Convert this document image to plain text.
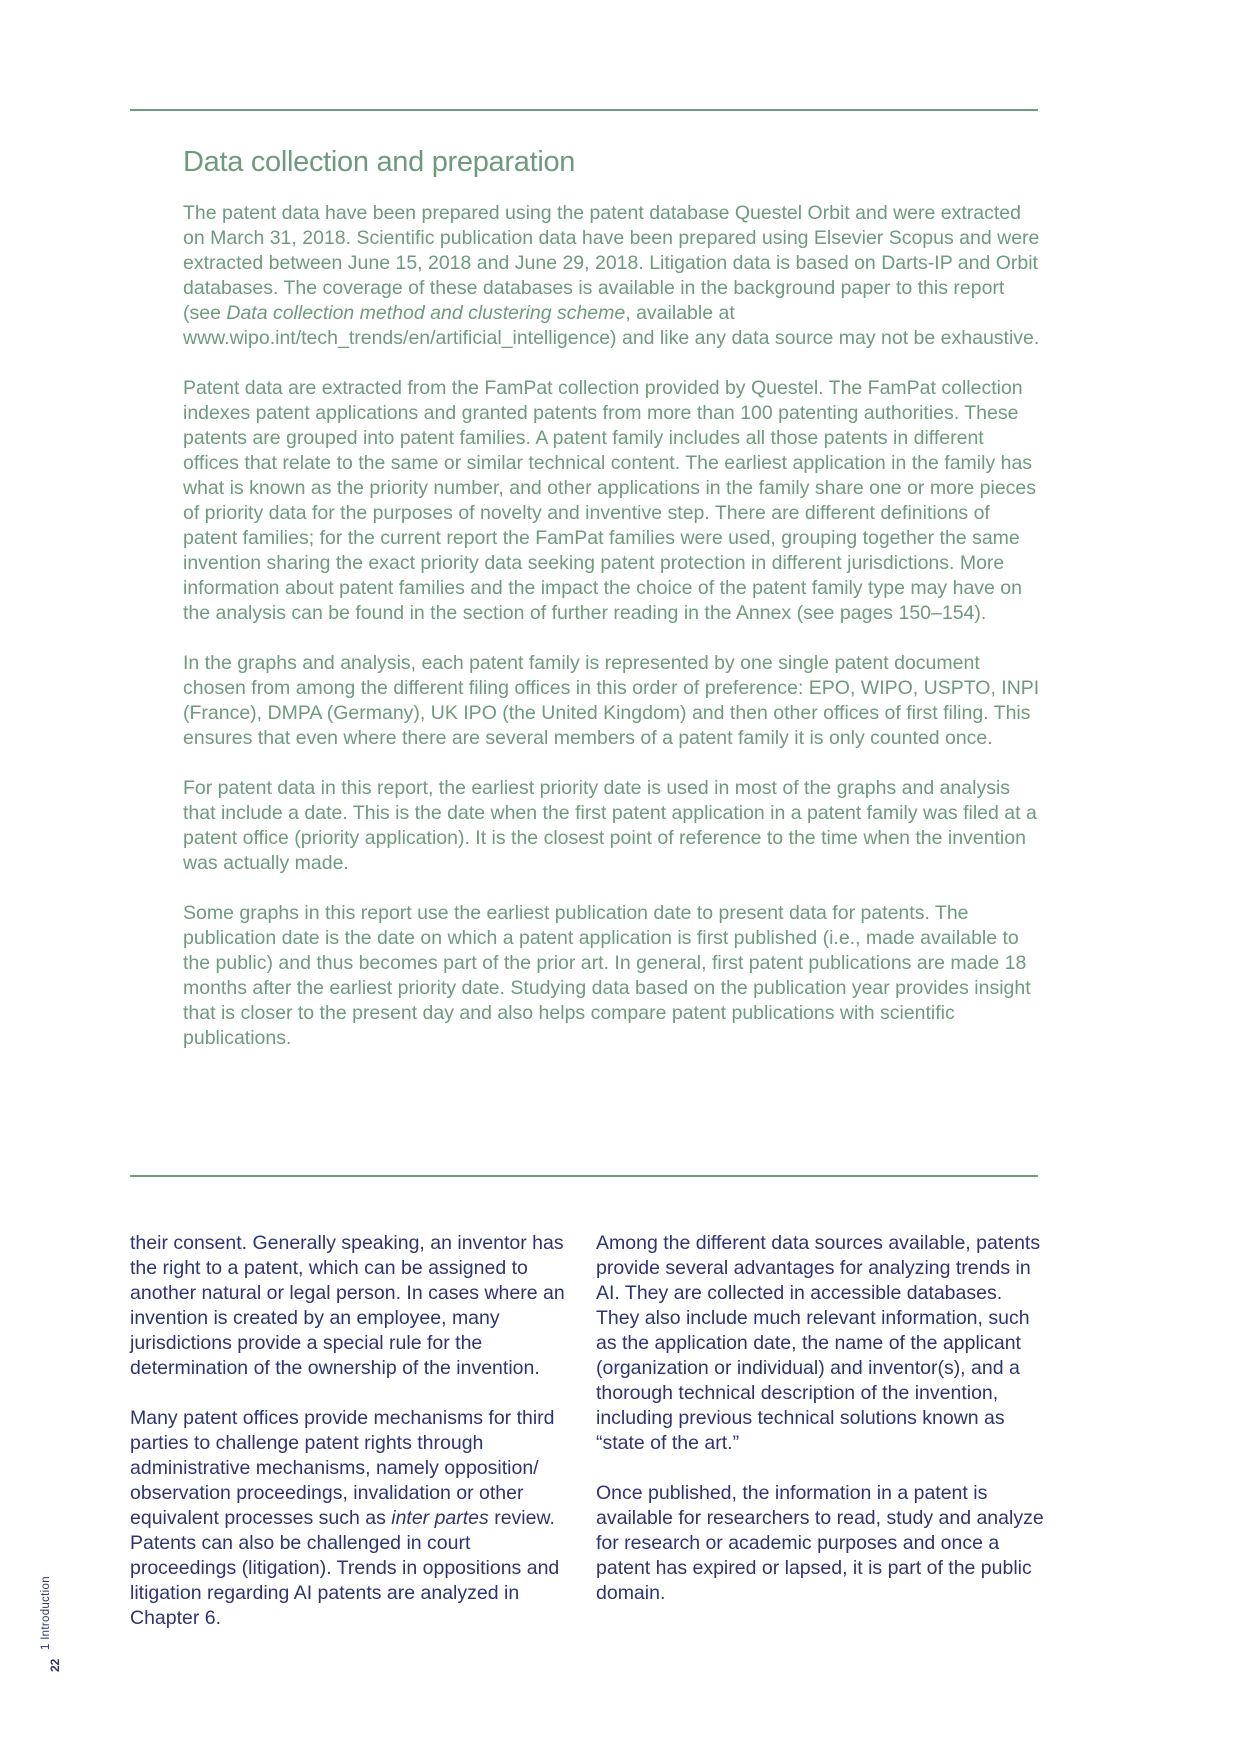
Data collection and preparation

The patent data have been prepared using the patent database Questel Orbit and were extracted on March 31, 2018. Scientific publication data have been prepared using Elsevier Scopus and were extracted between June 15, 2018 and June 29, 2018. Litigation data is based on Darts-IP and Orbit databases. The coverage of these databases is available in the background paper to this report (see Data collection method and clustering scheme, available at www.wipo.int/tech_trends/en/artificial_intelligence) and like any data source may not be exhaustive.

Patent data are extracted from the FamPat collection provided by Questel. The FamPat collection indexes patent applications and granted patents from more than 100 patenting authorities. These patents are grouped into patent families. A patent family includes all those patents in different offices that relate to the same or similar technical content. The earliest application in the family has what is known as the priority number, and other applications in the family share one or more pieces of priority data for the purposes of novelty and inventive step. There are different definitions of patent families; for the current report the FamPat families were used, grouping together the same invention sharing the exact priority data seeking patent protection in different jurisdictions. More information about patent families and the impact the choice of the patent family type may have on the analysis can be found in the section of further reading in the Annex (see pages 150–154).

In the graphs and analysis, each patent family is represented by one single patent document chosen from among the different filing offices in this order of preference: EPO, WIPO, USPTO, INPI (France), DMPA (Germany), UK IPO (the United Kingdom) and then other offices of first filing. This ensures that even where there are several members of a patent family it is only counted once.

For patent data in this report, the earliest priority date is used in most of the graphs and analysis that include a date. This is the date when the first patent application in a patent family was filed at a patent office (priority application). It is the closest point of reference to the time when the invention was actually made.

Some graphs in this report use the earliest publication date to present data for patents. The publication date is the date on which a patent application is first published (i.e., made available to the public) and thus becomes part of the prior art. In general, first patent publications are made 18 months after the earliest priority date. Studying data based on the publication year provides insight that is closer to the present day and also helps compare patent publications with scientific publications.

their consent. Generally speaking, an inventor has the right to a patent, which can be assigned to another natural or legal person. In cases where an invention is created by an employee, many jurisdictions provide a special rule for the determination of the ownership of the invention.

Many patent offices provide mechanisms for third parties to challenge patent rights through administrative mechanisms, namely opposition/ observation proceedings, invalidation or other equivalent processes such as inter partes review. Patents can also be challenged in court proceedings (litigation). Trends in oppositions and litigation regarding AI patents are analyzed in Chapter 6.

Among the different data sources available, patents provide several advantages for analyzing trends in AI. They are collected in accessible databases. They also include much relevant information, such as the application date, the name of the applicant (organization or individual) and inventor(s), and a thorough technical description of the invention, including previous technical solutions known as “state of the art.”

Once published, the information in a patent is available for researchers to read, study and analyze for research or academic purposes and once a patent has expired or lapsed, it is part of the public domain.

1 Introduction
22
